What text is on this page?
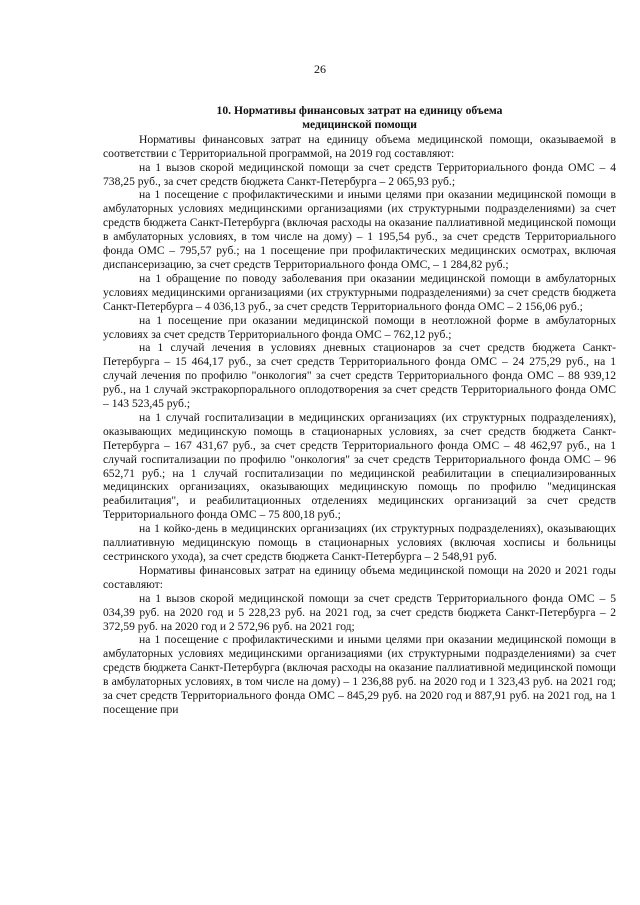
26
10. Нормативы финансовых затрат на единицу объема
медицинской помощи

Нормативы финансовых затрат на единицу объема медицинской помощи, оказываемой в соответствии с Территориальной программой, на 2019 год составляют:

на 1 вызов скорой медицинской помощи за счет средств Территориального фонда ОМС – 4 738,25 руб., за счет средств бюджета Санкт-Петербурга – 2 065,93 руб.;

на 1 посещение с профилактическими и иными целями при оказании медицинской помощи в амбулаторных условиях медицинскими организациями (их структурными подразделениями) за счет средств бюджета Санкт-Петербурга (включая расходы на оказание паллиативной медицинской помощи в амбулаторных условиях, в том числе на дому) – 1 195,54 руб., за счет средств Территориального фонда ОМС – 795,57 руб.; на 1 посещение при профилактических медицинских осмотрах, включая диспансеризацию, за счет средств Территориального фонда ОМС, – 1 284,82 руб.;

на 1 обращение по поводу заболевания при оказании медицинской помощи в амбулаторных условиях медицинскими организациями (их структурными подразделениями) за счет средств бюджета Санкт-Петербурга – 4 036,13 руб., за счет средств Территориального фонда ОМС – 2 156,06 руб.;

на 1 посещение при оказании медицинской помощи в неотложной форме в амбулаторных условиях за счет средств Территориального фонда ОМС – 762,12 руб.;

на 1 случай лечения в условиях дневных стационаров за счет средств бюджета Санкт-Петербурга – 15 464,17 руб., за счет средств Территориального фонда ОМС – 24 275,29 руб., на 1 случай лечения по профилю "онкология" за счет средств Территориального фонда ОМС – 88 939,12 руб., на 1 случай экстракорпорального оплодотворения за счет средств Территориального фонда ОМС – 143 523,45 руб.;

на 1 случай госпитализации в медицинских организациях (их структурных подразделениях), оказывающих медицинскую помощь в стационарных условиях, за счет средств бюджета Санкт-Петербурга – 167 431,67 руб., за счет средств Территориального фонда ОМС – 48 462,97 руб., на 1 случай госпитализации по профилю "онкология" за счет средств Территориального фонда ОМС – 96 652,71 руб.; на 1 случай госпитализации по медицинской реабилитации в специализированных медицинских организациях, оказывающих медицинскую помощь по профилю "медицинская реабилитация", и реабилитационных отделениях медицинских организаций за счет средств Территориального фонда ОМС – 75 800,18 руб.;

на 1 койко-день в медицинских организациях (их структурных подразделениях), оказывающих паллиативную медицинскую помощь в стационарных условиях (включая хосписы и больницы сестринского ухода), за счет средств бюджета Санкт-Петербурга – 2 548,91 руб.

Нормативы финансовых затрат на единицу объема медицинской помощи на 2020 и 2021 годы составляют:

на 1 вызов скорой медицинской помощи за счет средств Территориального фонда ОМС – 5 034,39 руб. на 2020 год и 5 228,23 руб. на 2021 год, за счет средств бюджета Санкт-Петербурга – 2 372,59 руб. на 2020 год и 2 572,96 руб. на 2021 год;

на 1 посещение с профилактическими и иными целями при оказании медицинской помощи в амбулаторных условиях медицинскими организациями (их структурными подразделениями) за счет средств бюджета Санкт-Петербурга (включая расходы на оказание паллиативной медицинской помощи в амбулаторных условиях, в том числе на дому) – 1 236,88 руб. на 2020 год и 1 323,43 руб. на 2021 год; за счет средств Территориального фонда ОМС – 845,29 руб. на 2020 год и 887,91 руб. на 2021 год, на 1 посещение при
